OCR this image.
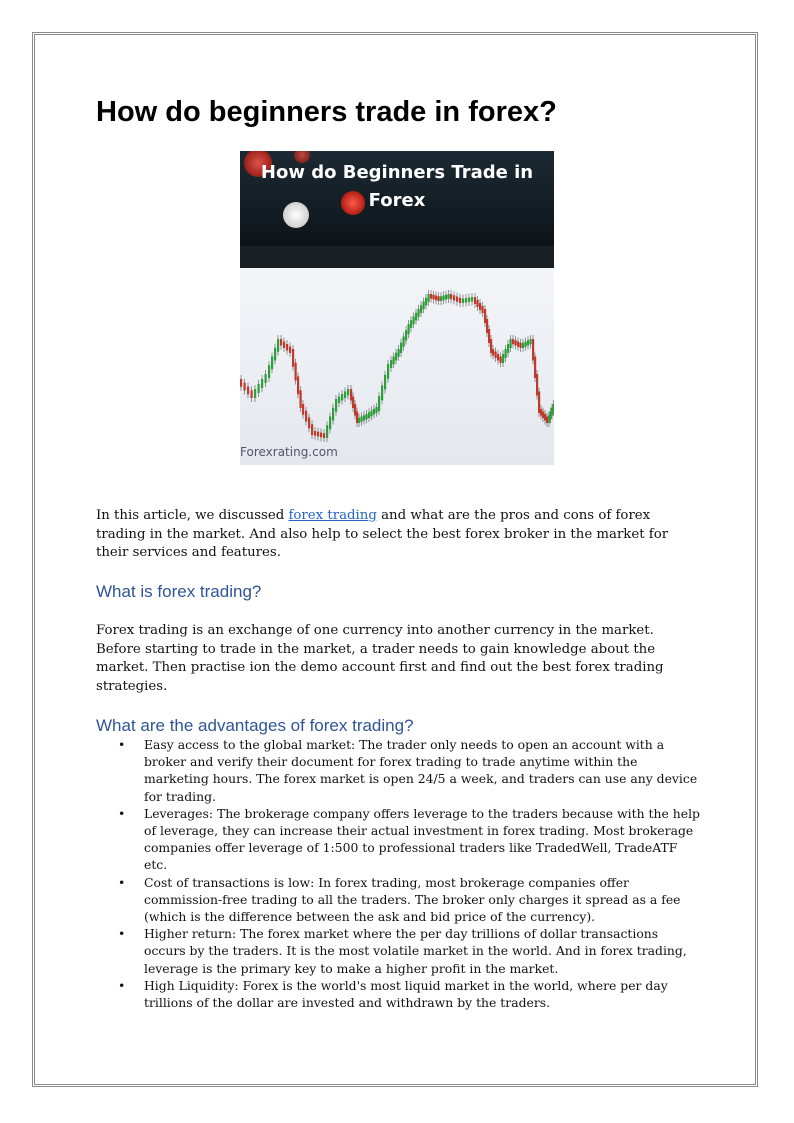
How do beginners trade in forex?
How do Beginners Trade in Forex
Forexrating.com

In this article, we discussed forex trading and what are the pros and cons of forex trading in the market. And also help to select the best forex broker in the market for their services and features.

What is forex trading?

Forex trading is an exchange of one currency into another currency in the market. Before starting to trade in the market, a trader needs to gain knowledge about the market. Then practise ion the demo account first and find out the best forex trading strategies.

What are the advantages of forex trading?
• Easy access to the global market: The trader only needs to open an account with a broker and verify their document for forex trading to trade anytime within the marketing hours. The forex market is open 24/5 a week, and traders can use any device for trading.
• Leverages: The brokerage company offers leverage to the traders because with the help of leverage, they can increase their actual investment in forex trading. Most brokerage companies offer leverage of 1:500 to professional traders like TradedWell, TradeATF etc.
• Cost of transactions is low: In forex trading, most brokerage companies offer commission-free trading to all the traders. The broker only charges it spread as a fee (which is the difference between the ask and bid price of the currency).
• Higher return: The forex market where the per day trillions of dollar transactions occurs by the traders. It is the most volatile market in the world. And in forex trading, leverage is the primary key to make a higher profit in the market.
• High Liquidity: Forex is the world's most liquid market in the world, where per day trillions of the dollar are invested and withdrawn by the traders.
